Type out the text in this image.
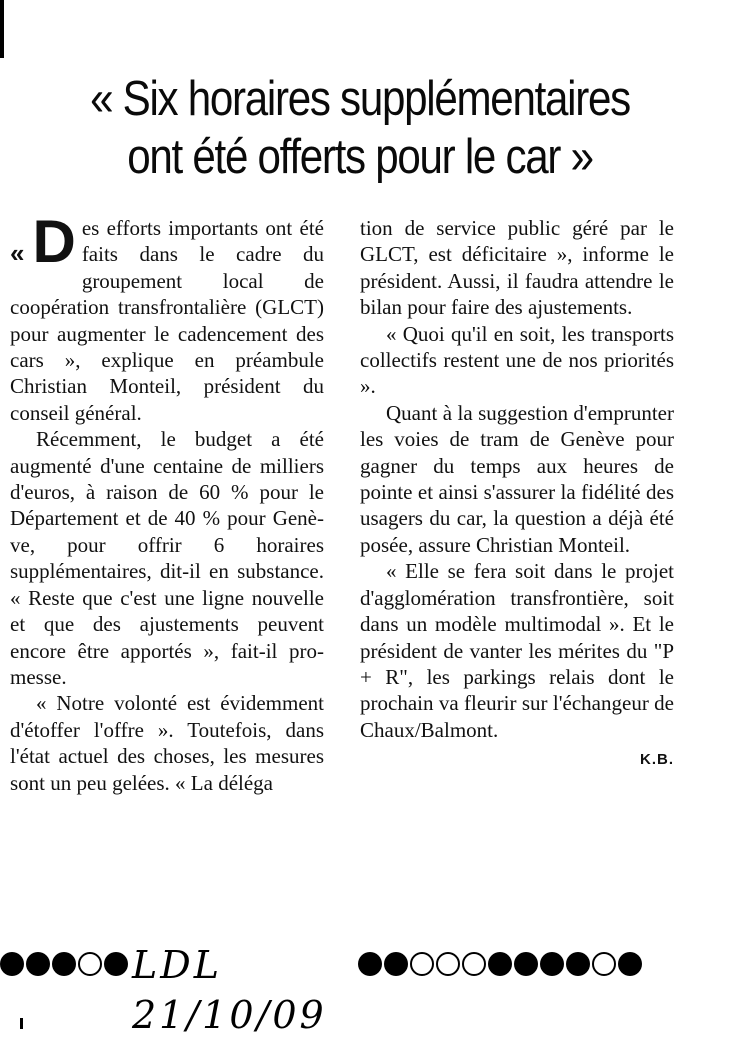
« Six horaires supplémentaires
ont été offerts pour le car »

« D es efforts importants ont été faits dans le cadre du groupement local de coopération transfrontalière (GLCT) pour augmenter le cadencement des cars », explique en préambule Christian Monteil, président du conseil général.

Récemment, le budget a été augmenté d'une centaine de milliers d'euros, à raison de 60 % pour le Département et de 40 % pour Genève, pour offrir 6 horaires supplémentaires, dit-il en substance. « Reste que c'est une ligne nouvelle et que des ajustements peuvent encore être apportés », fait-il promesse.

« Notre volonté est évidemment d'étoffer l'offre ». Toutefois, dans l'état actuel des choses, les mesures sont un peu gelées. « La déléga

tion de service public géré par le GLCT, est déficitaire », informe le président. Aussi, il faudra attendre le bilan pour faire des ajustements.

« Quoi qu'il en soit, les transports collectifs restent une de nos priorités ».

Quant à la suggestion d'emprunter les voies de tram de Genève pour gagner du temps aux heures de pointe et ainsi s'assurer la fidélité des usagers du car, la question a déjà été posée, assure Christian Monteil.

« Elle se fera soit dans le projet d'agglomération transfrontière, soit dans un modèle multimodal ». Et le président de vanter les mérites du "P + R", les parkings relais dont le prochain va fleurir sur l'échangeur de Chaux/Balmont.

K.B.
LDL 21/10/09
